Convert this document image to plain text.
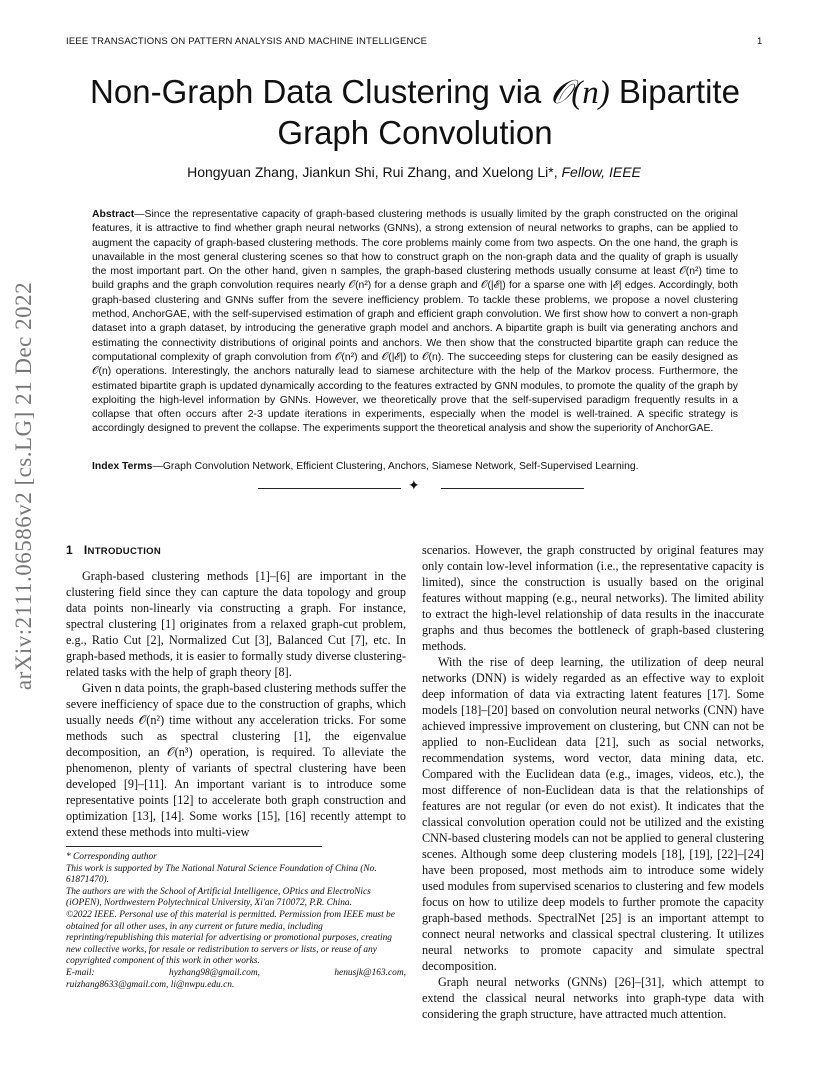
IEEE TRANSACTIONS ON PATTERN ANALYSIS AND MACHINE INTELLIGENCE	1
arXiv:2111.06586v2 [cs.LG] 21 Dec 2022
Non-Graph Data Clustering via 𝒪(n) Bipartite Graph Convolution
Hongyuan Zhang, Jiankun Shi, Rui Zhang, and Xuelong Li*, Fellow, IEEE
Abstract—Since the representative capacity of graph-based clustering methods is usually limited by the graph constructed on the original features, it is attractive to find whether graph neural networks (GNNs), a strong extension of neural networks to graphs, can be applied to augment the capacity of graph-based clustering methods. The core problems mainly come from two aspects. On the one hand, the graph is unavailable in the most general clustering scenes so that how to construct graph on the non-graph data and the quality of graph is usually the most important part. On the other hand, given n samples, the graph-based clustering methods usually consume at least 𝒪(n²) time to build graphs and the graph convolution requires nearly 𝒪(n²) for a dense graph and 𝒪(|ℰ|) for a sparse one with |ℰ| edges. Accordingly, both graph-based clustering and GNNs suffer from the severe inefficiency problem. To tackle these problems, we propose a novel clustering method, AnchorGAE, with the self-supervised estimation of graph and efficient graph convolution. We first show how to convert a non-graph dataset into a graph dataset, by introducing the generative graph model and anchors. A bipartite graph is built via generating anchors and estimating the connectivity distributions of original points and anchors. We then show that the constructed bipartite graph can reduce the computational complexity of graph convolution from 𝒪(n²) and 𝒪(|ℰ|) to 𝒪(n). The succeeding steps for clustering can be easily designed as 𝒪(n) operations. Interestingly, the anchors naturally lead to siamese architecture with the help of the Markov process. Furthermore, the estimated bipartite graph is updated dynamically according to the features extracted by GNN modules, to promote the quality of the graph by exploiting the high-level information by GNNs. However, we theoretically prove that the self-supervised paradigm frequently results in a collapse that often occurs after 2-3 update iterations in experiments, especially when the model is well-trained. A specific strategy is accordingly designed to prevent the collapse. The experiments support the theoretical analysis and show the superiority of AnchorGAE.
Index Terms—Graph Convolution Network, Efficient Clustering, Anchors, Siamese Network, Self-Supervised Learning.
✦
1 INTRODUCTION

Graph-based clustering methods [1]–[6] are important in the clustering field since they can capture the data topology and group data points non-linearly via constructing a graph. For instance, spectral clustering [1] originates from a relaxed graph-cut problem, e.g., Ratio Cut [2], Normalized Cut [3], Balanced Cut [7], etc. In graph-based methods, it is easier to formally study diverse clustering-related tasks with the help of graph theory [8].

Given n data points, the graph-based clustering methods suffer the severe inefficiency of space due to the construction of graphs, which usually needs 𝒪(n²) time without any acceleration tricks. For some methods such as spectral clustering [1], the eigenvalue decomposition, an 𝒪(n³) operation, is required. To alleviate the phenomenon, plenty of variants of spectral clustering have been developed [9]–[11]. An important variant is to introduce some representative points [12] to accelerate both graph construction and optimization [13], [14]. Some works [15], [16] recently attempt to extend these methods into multi-view

* Corresponding author
This work is supported by The National Natural Science Foundation of China (No. 61871470).
The authors are with the School of Artificial Intelligence, OPtics and ElectroNics (iOPEN), Northwestern Polytechnical University, Xi'an 710072, P.R. China.
©2022 IEEE. Personal use of this material is permitted. Permission from IEEE must be obtained for all other uses, in any current or future media, including reprinting/republishing this material for advertising or promotional purposes, creating new collective works, for resale or redistribution to servers or lists, or reuse of any copyrighted component of this work in other works.
E-mail:	hyzhang98@gmail.com,	henusjk@163.com,
ruizhang8633@gmail.com, li@nwpu.edu.cn.

scenarios. However, the graph constructed by original features may only contain low-level information (i.e., the representative capacity is limited), since the construction is usually based on the original features without mapping (e.g., neural networks). The limited ability to extract the high-level relationship of data results in the inaccurate graphs and thus becomes the bottleneck of graph-based clustering methods.

With the rise of deep learning, the utilization of deep neural networks (DNN) is widely regarded as an effective way to exploit deep information of data via extracting latent features [17]. Some models [18]–[20] based on convolution neural networks (CNN) have achieved impressive improvement on clustering, but CNN can not be applied to non-Euclidean data [21], such as social networks, recommendation systems, word vector, data mining data, etc. Compared with the Euclidean data (e.g., images, videos, etc.), the most difference of non-Euclidean data is that the relationships of features are not regular (or even do not exist). It indicates that the classical convolution operation could not be utilized and the existing CNN-based clustering models can not be applied to general clustering scenes. Although some deep clustering models [18], [19], [22]–[24] have been proposed, most methods aim to introduce some widely used modules from supervised scenarios to clustering and few models focus on how to utilize deep models to further promote the capacity graph-based methods. SpectralNet [25] is an important attempt to connect neural networks and classical spectral clustering. It utilizes neural networks to promote capacity and simulate spectral decomposition.

Graph neural networks (GNNs) [26]–[31], which attempt to extend the classical neural networks into graph-type data with considering the graph structure, have attracted much attention.
